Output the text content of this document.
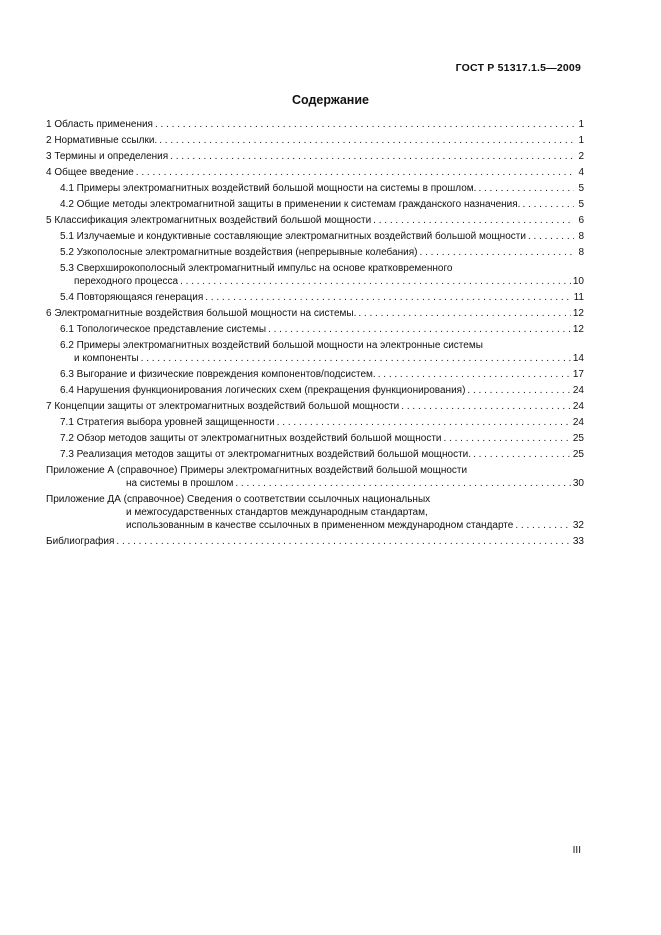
ГОСТ Р 51317.1.5—2009
Содержание
1 Область применения . . .	1
2 Нормативные ссылки. . . .	1
3 Термины и определения . . .	2
4 Общее введение . . .	4
4.1 Примеры электромагнитных воздействий большой мощности на системы в прошлом. . . .	5
4.2 Общие методы электромагнитной защиты в применении к системам гражданского назначения. . . .	5
5 Классификация электромагнитных воздействий большой мощности . . .	6
5.1 Излучаемые и кондуктивные составляющие электромагнитных воздействий большой мощности . . .	8
5.2 Узкополосные электромагнитные воздействия (непрерывные колебания) . . .	8
5.3 Сверхширокополосный электромагнитный импульс на основе кратковременного
переходного процесса . . .	10
5.4 Повторяющаяся генерация . . .	11
6 Электромагнитные воздействия большой мощности на системы. . . .	12
6.1 Топологическое представление системы . . .	12
6.2 Примеры электромагнитных воздействий большой мощности на электронные системы
и компоненты . . .	14
6.3 Выгорание и физические повреждения компонентов/подсистем. . . .	17
6.4 Нарушения функционирования логических схем (прекращения функционирования) . . .	24
7 Концепции защиты от электромагнитных воздействий большой мощности . . .	24
7.1 Стратегия выбора уровней защищенности . . .	24
7.2 Обзор методов защиты от электромагнитных воздействий большой мощности . . .	25
7.3 Реализация методов защиты от электромагнитных воздействий большой мощности. . . .	25
Приложение А (справочное) Примеры электромагнитных воздействий большой мощности
на системы в прошлом . . .	30
Приложение ДА (справочное) Сведения о соответствии ссылочных национальных
и межгосударственных стандартов международным стандартам,
использованным в качестве ссылочных в примененном международном стандарте . . .	32
Библиография . . .	33
III
